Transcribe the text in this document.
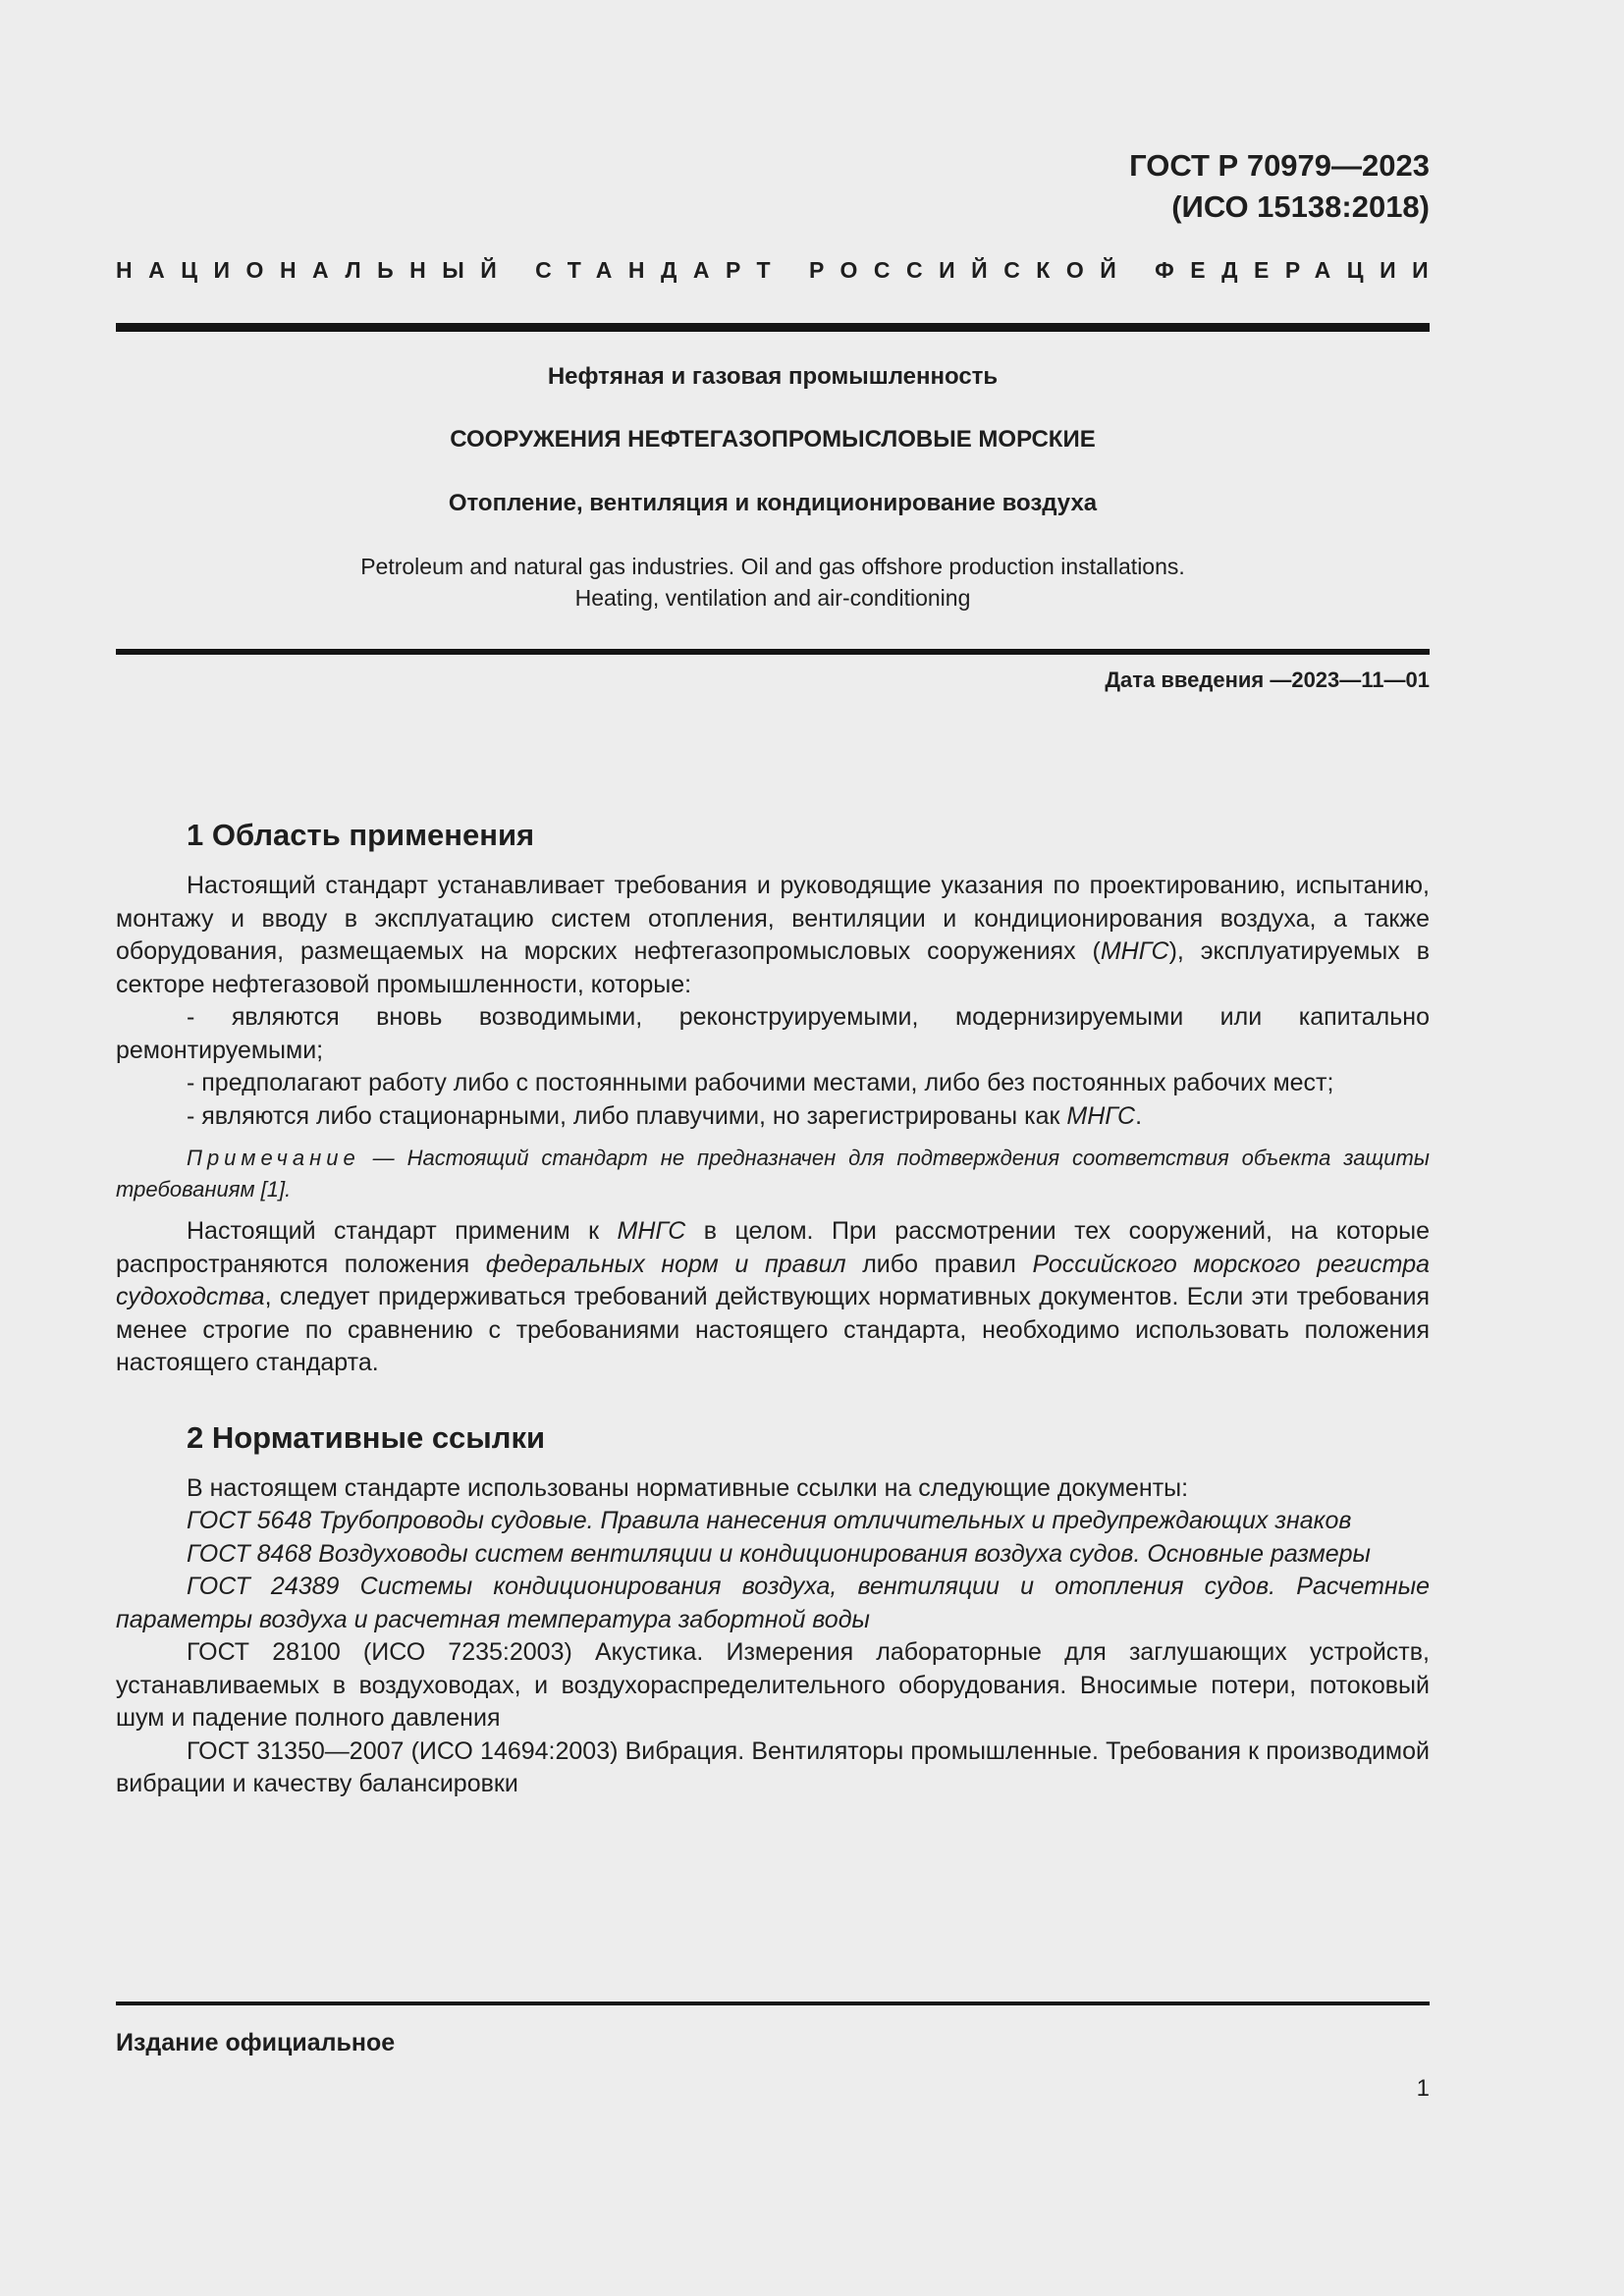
ГОСТ Р 70979—2023
(ИСО 15138:2018)
НАЦИОНАЛЬНЫЙ СТАНДАРТ РОССИЙСКОЙ ФЕДЕРАЦИИ
Нефтяная и газовая промышленность
СООРУЖЕНИЯ НЕФТЕГАЗОПРОМЫСЛОВЫЕ МОРСКИЕ
Отопление, вентиляция и кондиционирование воздуха
Petroleum and natural gas industries. Oil and gas offshore production installations.
Heating, ventilation and air-conditioning
Дата введения —2023—11—01
1 Область применения

Настоящий стандарт устанавливает требования и руководящие указания по проектированию, испытанию, монтажу и вводу в эксплуатацию систем отопления, вентиляции и кондиционирования воздуха, а также оборудования, размещаемых на морских нефтегазопромысловых сооружениях (МНГС), эксплуатируемых в секторе нефтегазовой промышленности, которые:

- являются вновь возводимыми, реконструируемыми, модернизируемыми или капитально ремонтируемыми;

- предполагают работу либо с постоянными рабочими местами, либо без постоянных рабочих мест;

- являются либо стационарными, либо плавучими, но зарегистрированы как МНГС.

Примечание — Настоящий стандарт не предназначен для подтверждения соответствия объекта защиты требованиям [1].

Настоящий стандарт применим к МНГС в целом. При рассмотрении тех сооружений, на которые распространяются положения федеральных норм и правил либо правил Российского морского регистра судоходства, следует придерживаться требований действующих нормативных документов. Если эти требования менее строгие по сравнению с требованиями настоящего стандарта, необходимо использовать положения настоящего стандарта.

2 Нормативные ссылки

В настоящем стандарте использованы нормативные ссылки на следующие документы:

ГОСТ 5648 Трубопроводы судовые. Правила нанесения отличительных и предупреждающих знаков

ГОСТ 8468 Воздуховоды систем вентиляции и кондиционирования воздуха судов. Основные размеры

ГОСТ 24389 Системы кондиционирования воздуха, вентиляции и отопления судов. Расчетные параметры воздуха и расчетная температура забортной воды

ГОСТ 28100 (ИСО 7235:2003) Акустика. Измерения лабораторные для заглушающих устройств, устанавливаемых в воздуховодах, и воздухораспределительного оборудования. Вносимые потери, потоковый шум и падение полного давления

ГОСТ 31350—2007 (ИСО 14694:2003) Вибрация. Вентиляторы промышленные. Требования к производимой вибрации и качеству балансировки

Издание официальное
1
